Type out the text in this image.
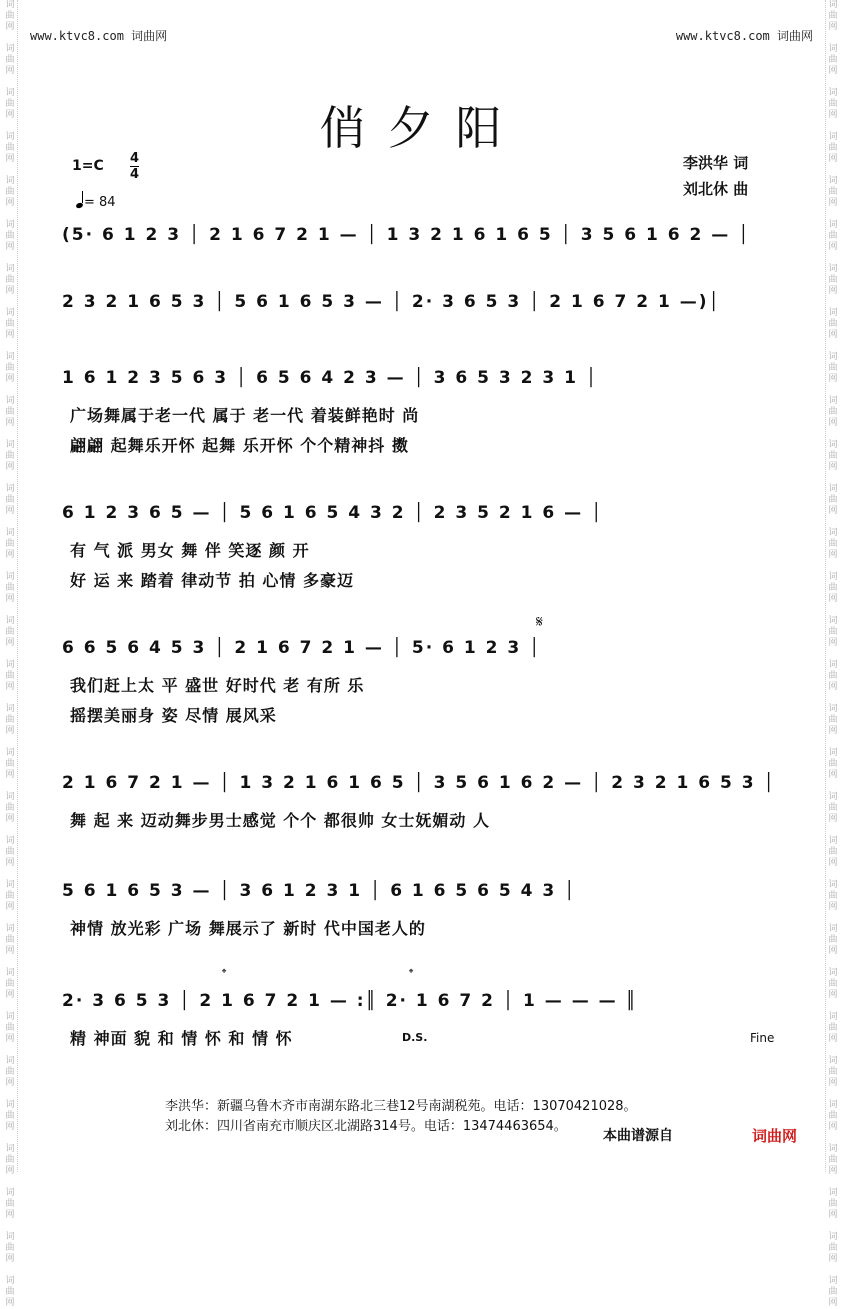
词
曲
网

词
曲
网

词
曲
网

词
曲
网

词
曲
网

词
曲
网

词
曲
网

词
曲
网

词
曲
网

词
曲
网

词
曲
网

词
曲
网

词
曲
网

词
曲
网

词
曲
网

词
曲
网

词
曲
网

词
曲
网

词
曲
网

词
曲
网

词
曲
网

词
曲
网

词
曲
网

词
曲
网

词
曲
网

词
曲
网

词
曲
网

词
曲
网

词
曲
网

词
曲
网

词
曲
网

词
曲
网

词
曲
网

词
曲
网

词
曲
网

词
曲
网

词
曲
网

词
曲
网

词
曲
网

词
曲
网

词
曲
网

词
曲
网

词
曲
网

词
曲
网

词
曲
网

词
曲
网

词
曲
网

词
曲
网

词
曲
网

词
曲
网

词
曲
网

词
曲
网

词
曲
网

词
曲
网

词
曲
网

词
曲
网

词
曲
网

词
曲
网

词
曲
网

词
曲
网

www.ktvc8.com 词曲网	www.ktvc8.com 词曲网
俏夕阳
1=C 4
4
= 84
李洪华 词
刘北休 曲
(5· 6 1 2 3 │ 2 1 6 7 2 1 — │ 1 3 2 1 6 1 6 5 │ 3 5 6 1 6 2 — │
2 3 2 1 6 5 3 │ 5 6 1 6 5 3 — │ 2· 3 6 5 3 │ 2 1 6 7 2 1 —)│
1 6 1 2 3 5 6 3 │ 6 5 6 4 2 3 — │ 3 6 5 3 2 3 1 │
广场舞属于老一代 属于 老一代 着装鲜艳时 尚
翩翩 起舞乐开怀 起舞 乐开怀 个个精神抖 擞
6 1 2 3 6 5 — │ 5 6 1 6 5 4 3 2 │ 2 3 5 2 1 6 — │
有 气 派 男女 舞 伴 笑逐 颜 开
好 运 来 踏着 律动节 拍 心情 多豪迈
6 6 5 6 4 5 3 │ 2 1 6 7 2 1 — │ 5· 6 1 2 3 │
我们赶上太 平 盛世 好时代 老 有所 乐
摇摆美丽身 姿 尽情 展风采
2 1 6 7 2 1 — │ 1 3 2 1 6 1 6 5 │ 3 5 6 1 6 2 — │ 2 3 2 1 6 5 3 │
舞 起 来 迈动舞步男士感觉 个个 都很帅 女士妩媚动 人
5 6 1 6 5 3 — │ 3 6 1 2 3 1 │ 6 1 6 5 6 5 4 3 │
神情 放光彩 广场 舞展示了 新时 代中国老人的
2· 3 6 5 3 │ 2 1 6 7 2 1 — :║ 2· 1 6 7 2 │ 1 — — — ║
精 神面 貌 和 情 怀 和 情 怀
𝄋
𝄌	𝄌
D.S.	Fine
李洪华：新疆乌鲁木齐市南湖东路北三巷12号南湖税苑。电话：13070421028。
刘北休：四川省南充市顺庆区北湖路314号。电话：13474463654。
本曲谱源自	词曲网
